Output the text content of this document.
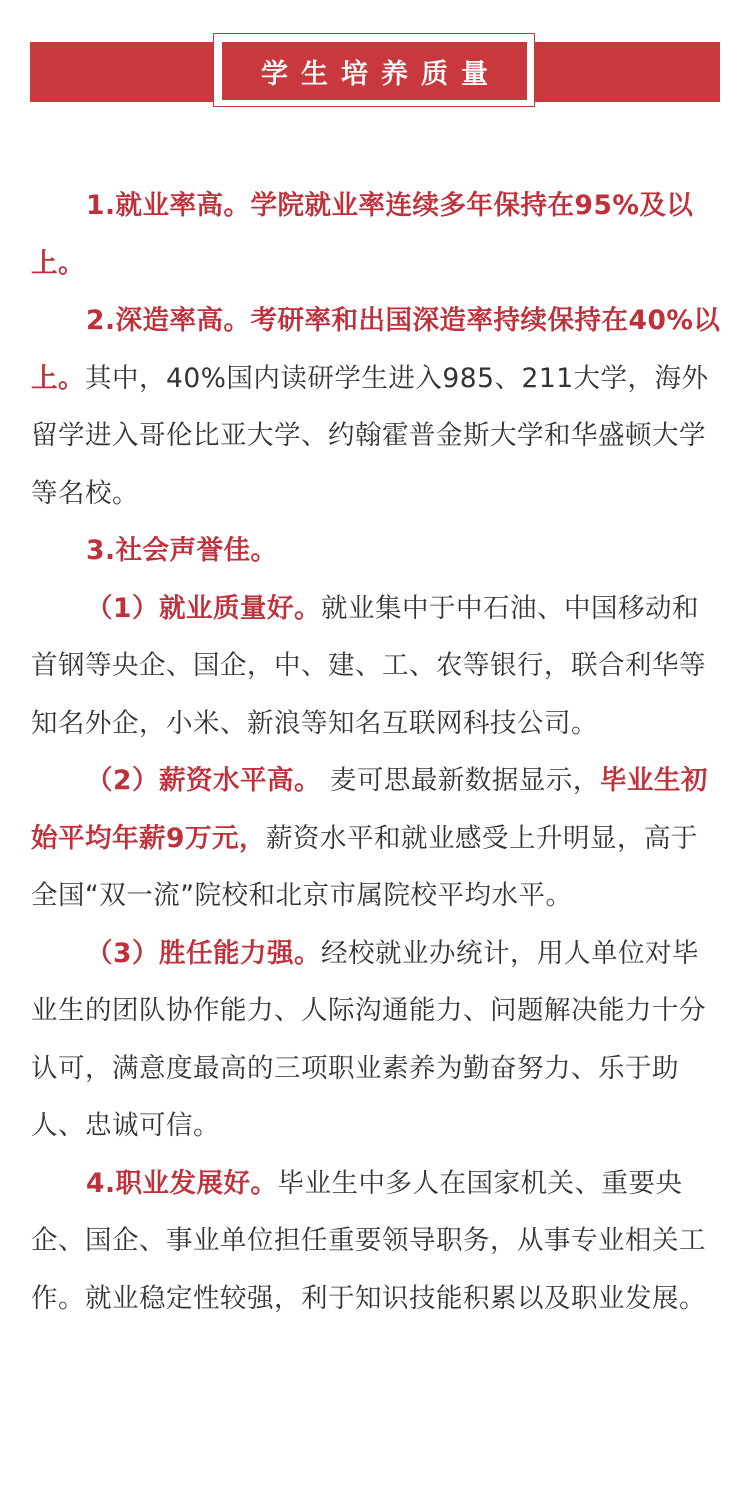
学生培养质量

1.就业率高。学院就业率连续多年保持在95%及以上。

2.深造率高。考研率和出国深造率持续保持在40%以上。其中，40%国内读研学生进入985、211大学，海外留学进入哥伦比亚大学、约翰霍普金斯大学和华盛顿大学等名校。

3.社会声誉佳。

（1）就业质量好。就业集中于中石油、中国移动和首钢等央企、国企，中、建、工、农等银行，联合利华等知名外企，小米、新浪等知名互联网科技公司。

（2）薪资水平高。 麦可思最新数据显示，毕业生初始平均年薪9万元，薪资水平和就业感受上升明显，高于全国“双一流”院校和北京市属院校平均水平。

（3）胜任能力强。经校就业办统计，用人单位对毕业生的团队协作能力、人际沟通能力、问题解决能力十分认可，满意度最高的三项职业素养为勤奋努力、乐于助人、忠诚可信。

4.职业发展好。毕业生中多人在国家机关、重要央企、国企、事业单位担任重要领导职务，从事专业相关工作。就业稳定性较强，利于知识技能积累以及职业发展。
